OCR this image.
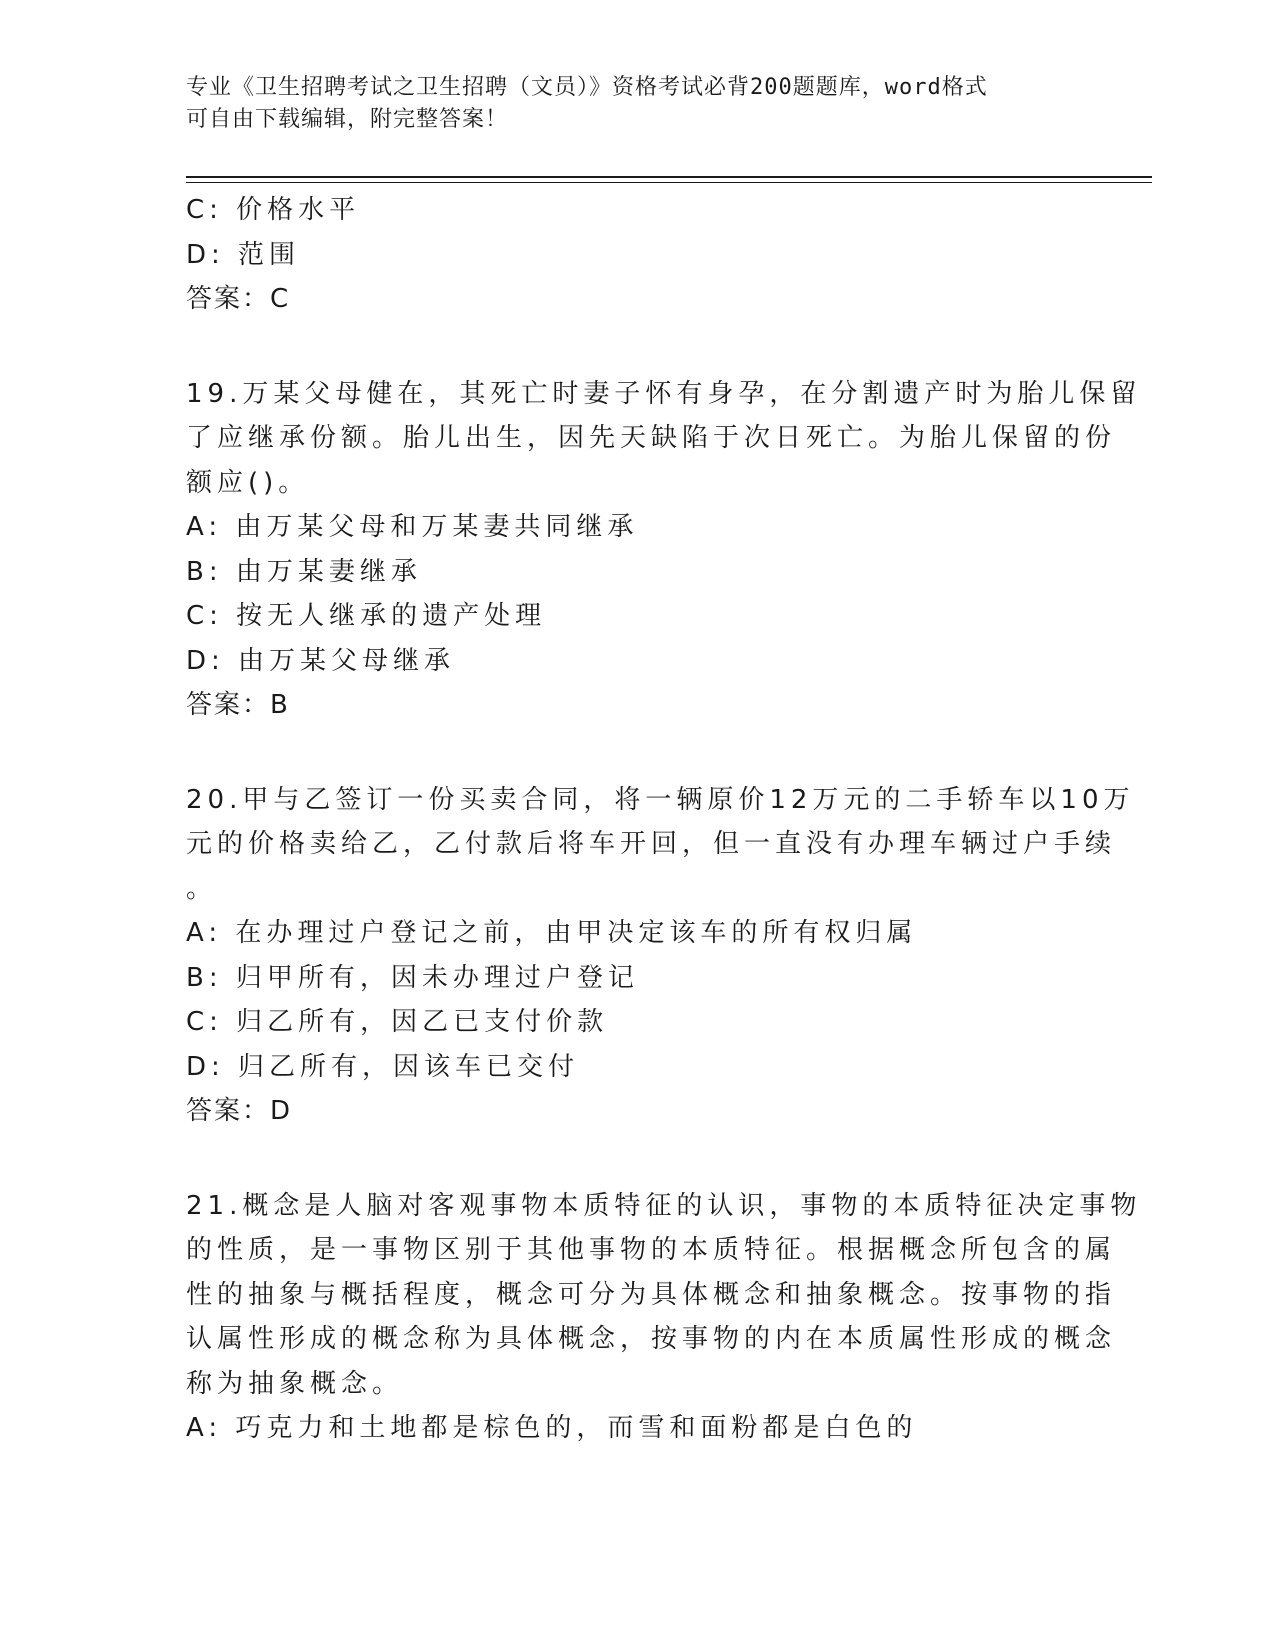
专业《卫生招聘考试之卫生招聘（文员）》资格考试必背200题题库，word格式
可自由下载编辑，附完整答案！
C: 价格水平
D: 范围
答案：C
19.万某父母健在，其死亡时妻子怀有身孕，在分割遗产时为胎儿保留
了应继承份额。胎儿出生，因先天缺陷于次日死亡。为胎儿保留的份
额应()。
A: 由万某父母和万某妻共同继承
B: 由万某妻继承
C: 按无人继承的遗产处理
D: 由万某父母继承
答案：B
20.甲与乙签订一份买卖合同，将一辆原价12万元的二手轿车以10万
元的价格卖给乙，乙付款后将车开回，但一直没有办理车辆过户手续
。
A: 在办理过户登记之前，由甲决定该车的所有权归属
B: 归甲所有，因未办理过户登记
C: 归乙所有，因乙已支付价款
D: 归乙所有，因该车已交付
答案：D
21.概念是人脑对客观事物本质特征的认识，事物的本质特征决定事物
的性质，是一事物区别于其他事物的本质特征。根据概念所包含的属
性的抽象与概括程度，概念可分为具体概念和抽象概念。按事物的指
认属性形成的概念称为具体概念，按事物的内在本质属性形成的概念
称为抽象概念。
A: 巧克力和土地都是棕色的，而雪和面粉都是白色的
